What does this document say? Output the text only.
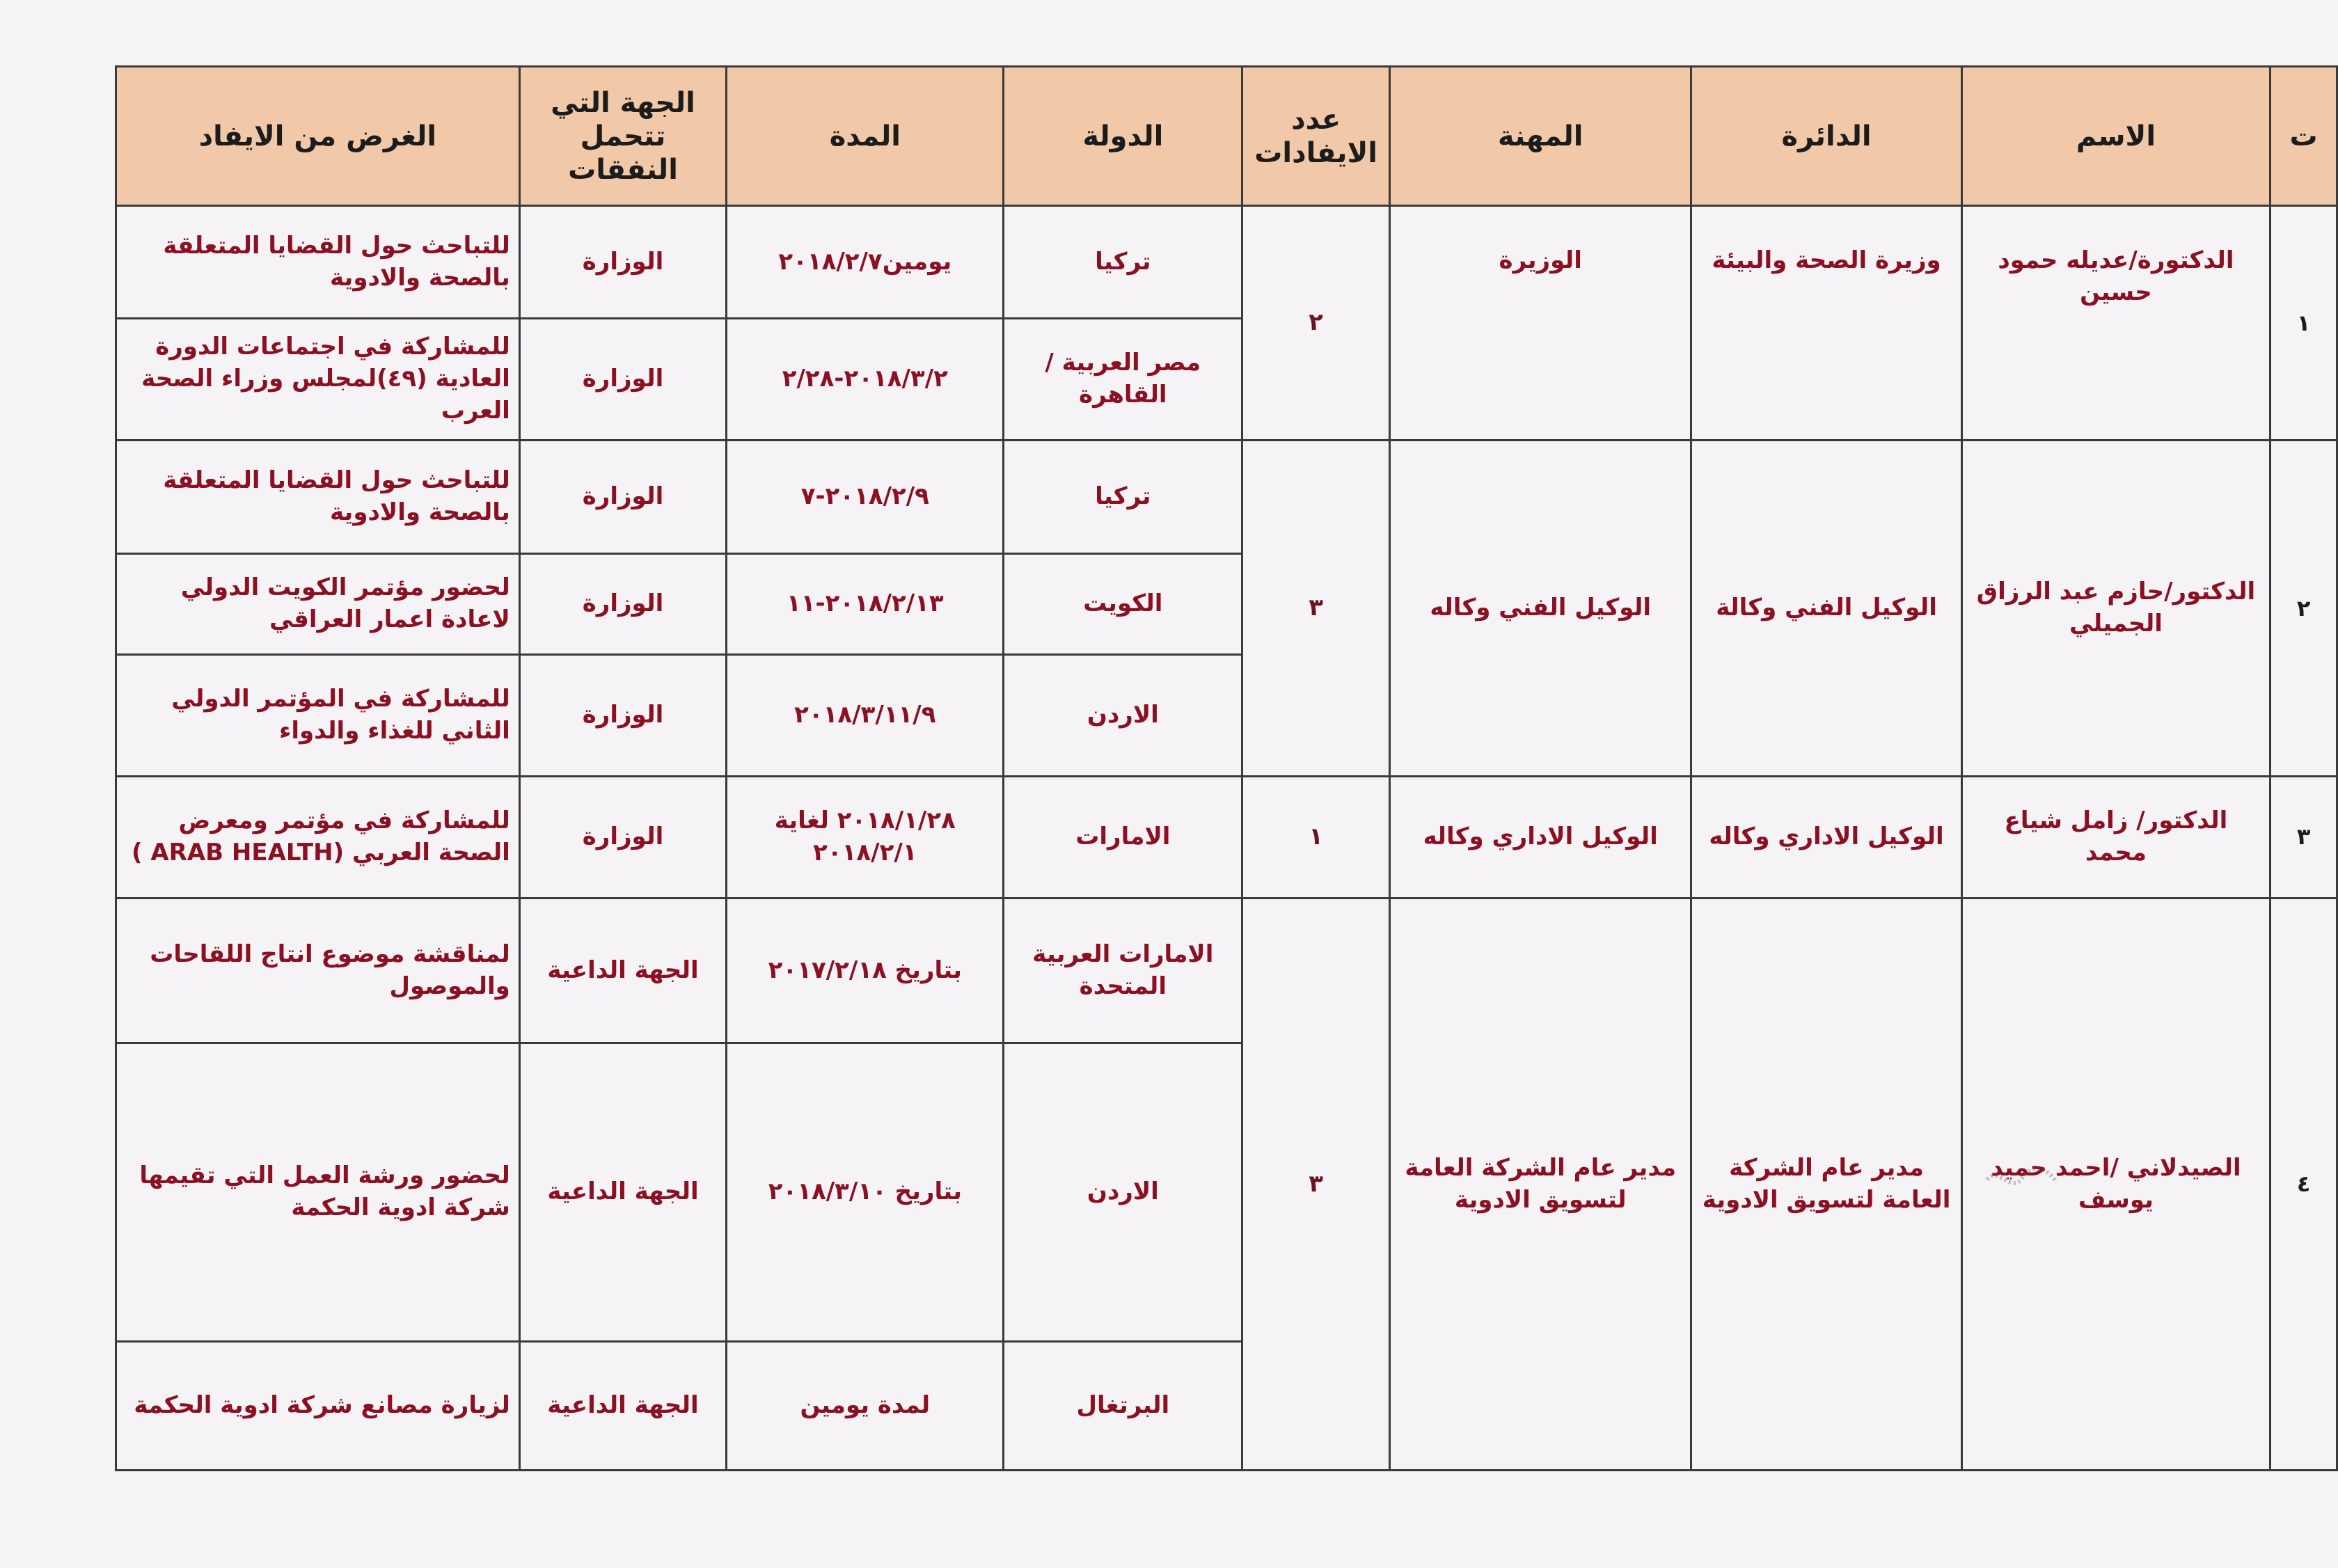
ت	الاسم	الدائرة	المهنة	عدد الايفادات	الدولة	المدة	الجهة التي تتحمل النفقات	الغرض من الايفاد
١	الدكتورة/عديله حمود حسين	وزيرة الصحة والبيئة	الوزيرة	٢	تركيا	يومين٢٠١٨/٢/٧	الوزارة	للتباحث حول القضايا المتعلقة بالصحة والادوية
					مصر العربية /القاهرة	٢٠١٨/٣/٢-٢/٢٨	الوزارة	للمشاركة في اجتماعات الدورة العادية (٤٩)لمجلس وزراء الصحة العرب
٢	الدكتور/حازم عبد الرزاق الجميلي	الوكيل الفني وكالة	الوكيل الفني وكاله	٣	تركيا	٢٠١٨/٢/٩-٧	الوزارة	للتباحث حول القضايا المتعلقة بالصحة والادوية
					الكويت	٢٠١٨/٢/١٣-١١	الوزارة	لحضور مؤتمر الكويت الدولي لاعادة اعمار العراقي
					الاردن	٢٠١٨/٣/١١/٩	الوزارة	للمشاركة في المؤتمر الدولي الثاني للغذاء والدواء
٣	الدكتور/ زامل شياع محمد	الوكيل الاداري وكاله	الوكيل الاداري وكاله	١	الامارات	٢٠١٨/١/٢٨ لغاية ٢٠١٨/٢/١	الوزارة	للمشاركة في مؤتمر ومعرض الصحة العربي (ARAB HEALTH )
٤	الصيدلاني /احمد حميد يوسف	مدير عام الشركة العامة لتسويق الادوية	مدير عام الشركة العامة لتسويق الادوية	٣	الامارات العربية المتحدة	بتاريخ ٢٠١٧/٢/١٨	الجهة الداعية	لمناقشة موضوع انتاج اللقاحات والموصول
					الاردن	بتاريخ ٢٠١٨/٣/١٠	الجهة الداعية	لحضور ورشة العمل التي تقيمها شركة ادوية الحكمة
					البرتغال	لمدة يومين	الجهة الداعية	لزيارة مصانع شركة ادوية الحكمة
